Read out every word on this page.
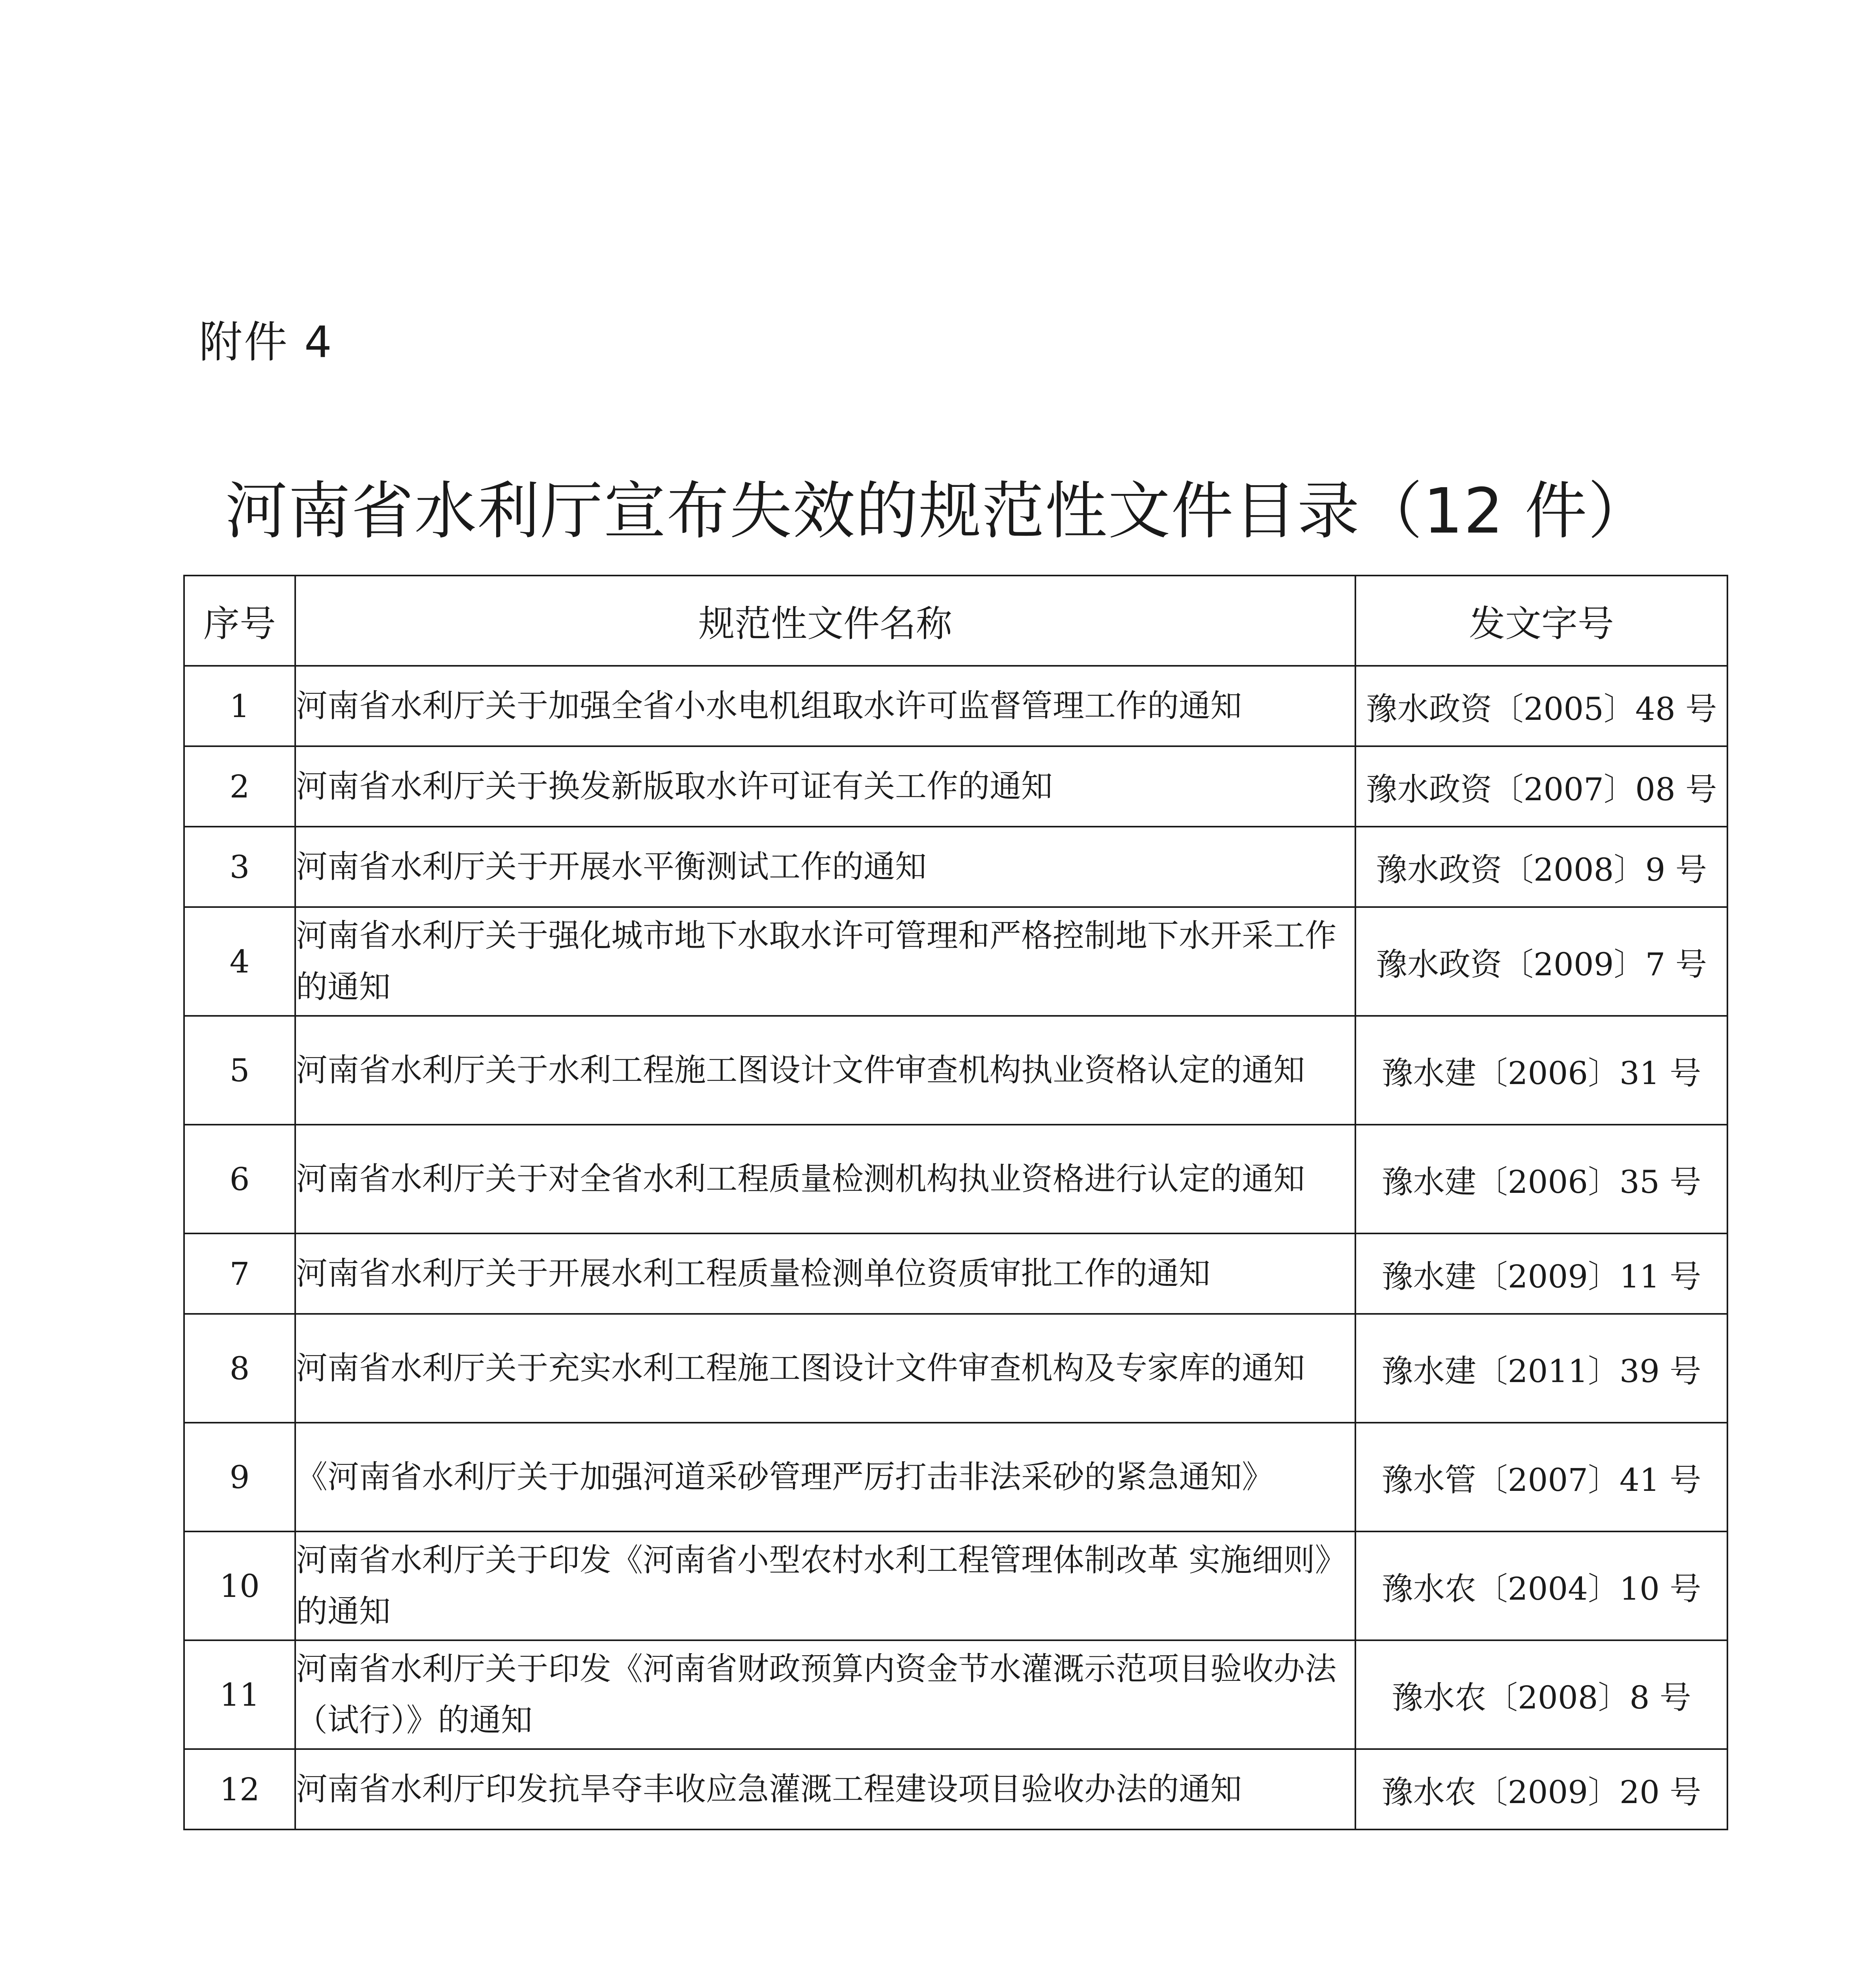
附件 4
河南省水利厅宣布失效的规范性文件目录（12 件）
序号	规范性文件名称	发文字号
1	河南省水利厅关于加强全省小水电机组取水许可监督管理工作的通知	豫水政资〔2005〕48 号
2	河南省水利厅关于换发新版取水许可证有关工作的通知	豫水政资〔2007〕08 号
3	河南省水利厅关于开展水平衡测试工作的通知	豫水政资〔2008〕9 号
4	河南省水利厅关于强化城市地下水取水许可管理和严格控制地下水开采工作的通知	豫水政资〔2009〕7 号
5	河南省水利厅关于水利工程施工图设计文件审查机构执业资格认定的通知	豫水建〔2006〕31 号
6	河南省水利厅关于对全省水利工程质量检测机构执业资格进行认定的通知	豫水建〔2006〕35 号
7	河南省水利厅关于开展水利工程质量检测单位资质审批工作的通知	豫水建〔2009〕11 号
8	河南省水利厅关于充实水利工程施工图设计文件审查机构及专家库的通知	豫水建〔2011〕39 号
9	《河南省水利厅关于加强河道采砂管理严厉打击非法采砂的紧急通知》	豫水管〔2007〕41 号
10	河南省水利厅关于印发《河南省小型农村水利工程管理体制改革 实施细则》的通知	豫水农〔2004〕10 号
11	河南省水利厅关于印发《河南省财政预算内资金节水灌溉示范项目验收办法（试行）》的通知	豫水农〔2008〕8 号
12	河南省水利厅印发抗旱夺丰收应急灌溉工程建设项目验收办法的通知	豫水农〔2009〕20 号
